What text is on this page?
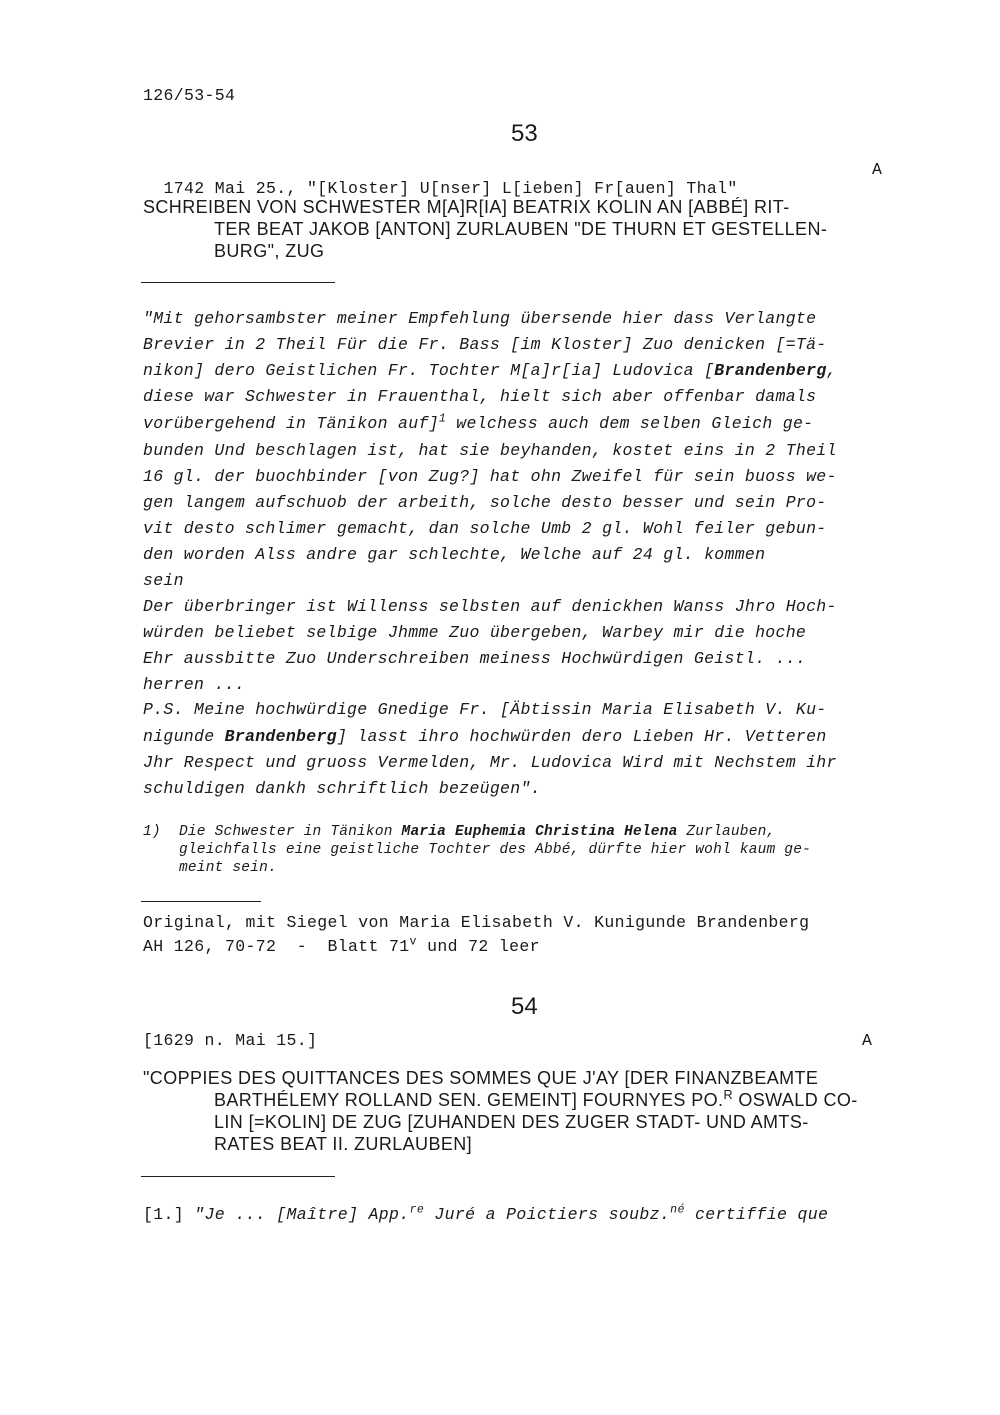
126/53-54
53

1742 Mai 25., "[Kloster] U[nser] L[ieben] Fr[auen] Thal"

A
SCHREIBEN VON SCHWESTER M[A]R[IA] BEATRIX KOLIN AN [ABBÉ] RIT-
TER BEAT JAKOB [ANTON] ZURLAUBEN "DE THURN ET GESTELLEN-
BURG", ZUG
"Mit gehorsambster meiner Empfehlung übersende hier dass Verlangte
Brevier in 2 Theil Für die Fr. Bass [im Kloster] Zuo denicken [=Tä-
nikon] dero Geistlichen Fr. Tochter M[a]r[ia] Ludovica [Brandenberg,
diese war Schwester in Frauenthal, hielt sich aber offenbar damals
vorübergehend in Tänikon auf]$^1$ welchess auch dem selben Gleich ge-
bunden Und beschlagen ist, hat sie beyhanden, kostet eins in 2 Theil
16 gl. der buochbinder [von Zug?] hat ohn Zweifel für sein buoss we-
gen langem aufschuob der arbeith, solche desto besser und sein Pro-
vit desto schlimer gemacht, dan solche Umb 2 gl. Wohl feiler gebun-
den worden Alss andre gar schlechte, Welche auf 24 gl. kommen
sein
Der überbringer ist Willenss selbsten auf denickhen Wanss Jhro Hoch-
würden beliebet selbige Jhmme Zuo übergeben, Warbey mir die hoche
Ehr aussbitte Zuo Underschreiben meiness Hochwürdigen Geistl. ...
herren ...
P.S. Meine hochwürdige Gnedige Fr. [Äbtissin Maria Elisabeth V. Ku-
nigunde Brandenberg] lasst ihro hochwürden dero Lieben Hr. Vetteren
Jhr Respect und gruoss Vermelden, Mr. Ludovica Wird mit Nechstem ihr
schuldigen dankh schriftlich bezeügen".
1) Die Schwester in Tänikon Maria Euphemia Christina Helena Zurlauben,
gleichfalls eine geistliche Tochter des Abbé, dürfte hier wohl kaum ge-
meint sein.
Original, mit Siegel von Maria Elisabeth V. Kunigunde Brandenberg
AH 126, 70-72  -  Blatt 71$^v$ und 72 leer
54
[1629 n. Mai 15.]	A
"COPPIES DES QUITTANCES DES SOMMES QUE J'AY [DER FINANZBEAMTE
BARTHÉLEMY ROLLAND SEN. GEMEINT] FOURNYES PO.$^R$ OSWALD CO-
LIN [=KOLIN] DE ZUG [ZUHANDEN DES ZUGER STADT- UND AMTS-
RATES BEAT II. ZURLAUBEN]
[1.] "Je ... [Maître] App.$^{re}$ Juré a Poictiers soubz.$^{né}$ certiffie que
